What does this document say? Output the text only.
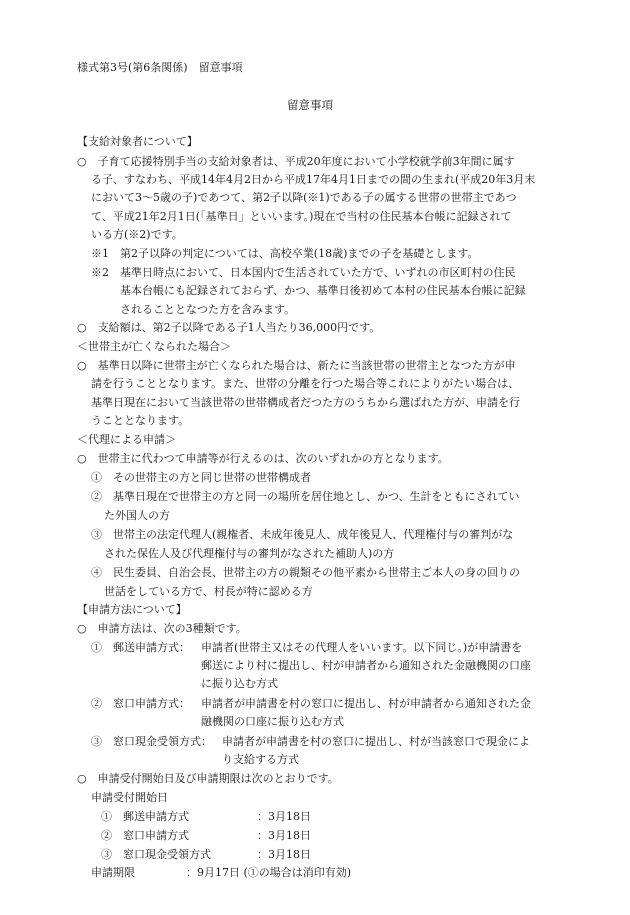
様式第3号(第6条関係)　留意事項
留意事項
【支給対象者について】
○　子育て応援特別手当の支給対象者は、平成20年度において小学校就学前3年間に属す
る子、すなわち、平成14年4月2日から平成17年4月1日までの間の生まれ(平成20年3月末
において3～5歳の子)であつて、第2子以降(※1)である子の属する世帯の世帯主であつ
て、平成21年2月1日(「基準日」といいます。)現在で当村の住民基本台帳に記録されて
いる方(※2)です。
※1　第2子以降の判定については、高校卒業(18歳)までの子を基礎とします。
※2　基準日時点において、日本国内で生活されていた方で、いずれの市区町村の住民
基本台帳にも記録されておらず、かつ、基準日後初めて本村の住民基本台帳に記録
されることとなつた方を含みます。
○　支給額は、第2子以降である子1人当たり36,000円です。
＜世帯主が亡くなられた場合＞
○　基準日以降に世帯主が亡くなられた場合は、新たに当該世帯の世帯主となつた方が申
請を行うこととなります。また、世帯の分離を行つた場合等これによりがたい場合は、
基準日現在において当該世帯の世帯構成者だつた方のうちから選ばれた方が、申請を行
うこととなります。
＜代理による申請＞
○　世帯主に代わつて申請等が行えるのは、次のいずれかの方となります。
①　その世帯主の方と同じ世帯の世帯構成者
②　基準日現在で世帯主の方と同一の場所を居住地とし、かつ、生計をともにされてい
た外国人の方
③　世帯主の法定代理人(親権者、未成年後見人、成年後見人、代理権付与の審判がな
された保佐人及び代理権付与の審判がなされた補助人)の方
④　民生委員、自治会長、世帯主の方の親類その他平素から世帯主ご本人の身の回りの
世話をしている方で、村長が特に認める方
【申請方法について】
○　申請方法は、次の3種類です。
①　郵送申請方式： 申請者(世帯主又はその代理人をいいます。以下同じ。)が申請書を
郵送により村に提出し、村が申請者から通知された金融機関の口座
に振り込む方式
②　窓口申請方式： 申請者が申請書を村の窓口に提出し、村が申請者から通知された金
融機関の口座に振り込む方式
③　窓口現金受領方式： 申請者が申請書を村の窓口に提出し、村が当該窓口で現金によ
り支給する方式
○　申請受付開始日及び申請期限は次のとおりです。
申請受付開始日
①　郵送申請方式	：3月18日
②　窓口申請方式	：3月18日
③　窓口現金受領方式	：3月18日
申請期限	：9月17日 (①の場合は消印有効)
